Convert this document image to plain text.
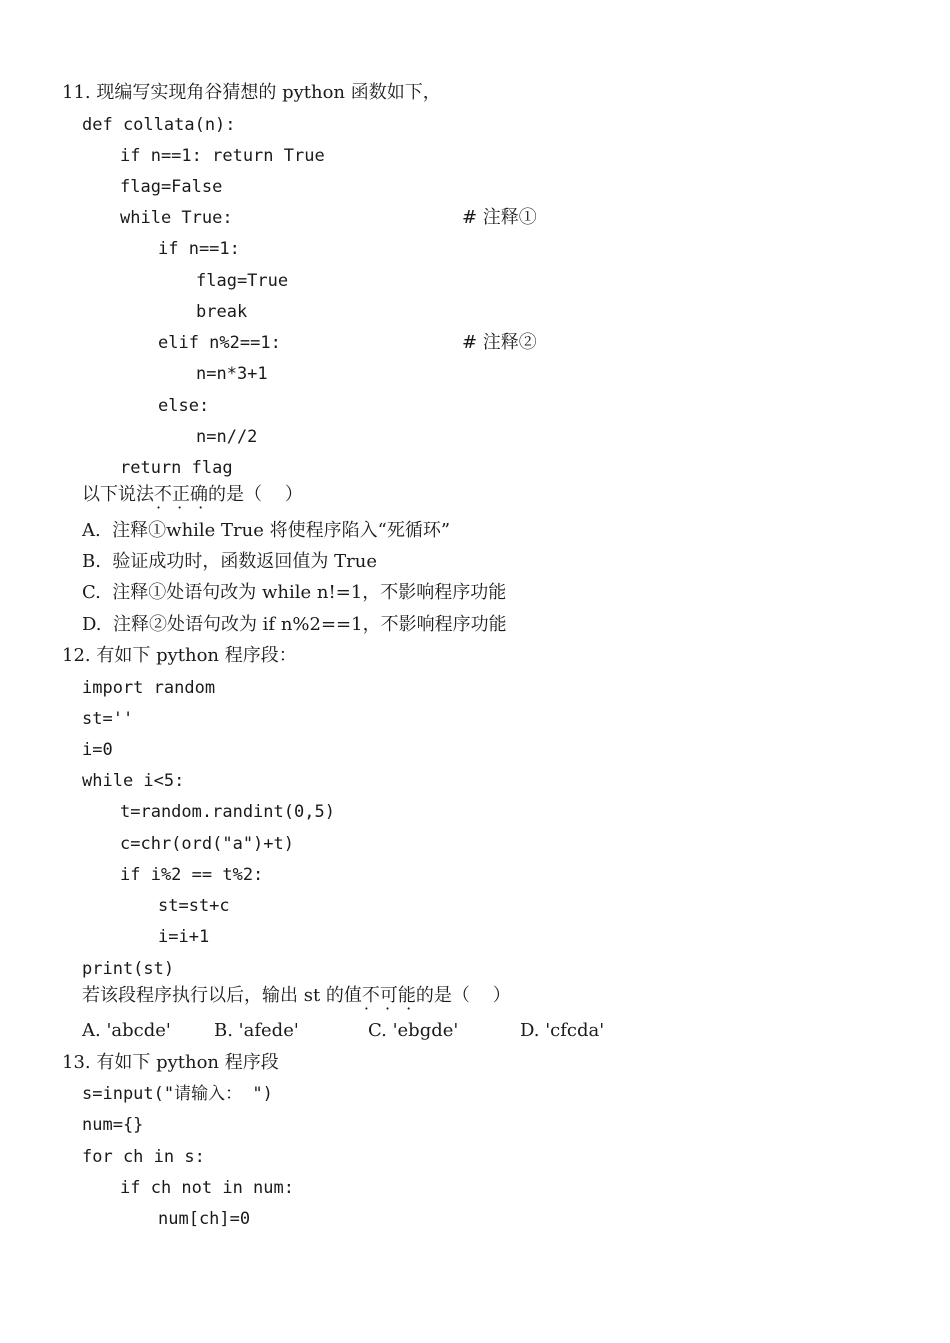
11. 现编写实现角谷猜想的 python 函数如下，
def collata(n):
if n==1: return True
flag=False
while True:	# 注释①
if n==1:
flag=True
break
elif n%2==1:	# 注释②
n=n*3+1
else:
n=n//2
return flag
以下说法不正确 · · ·的是（    ）
A.  注释①while True 将使程序陷入“死循环”
B.  验证成功时，函数返回值为 True
C.  注释①处语句改为 while n!=1，不影响程序功能
D.  注释②处语句改为 if n%2==1，不影响程序功能
12. 有如下 python 程序段：
import random
st=''
i=0
while i<5:
t=random.randint(0,5)
c=chr(ord("a")+t)
if i%2 == t%2:
st=st+c
i=i+1
print(st)
若该段程序执行以后，输出 st 的值不可能 · · ·的是（    ）
A. 'abcde' B. 'afede'	C. 'ebgde'	D. 'cfcda'
13. 有如下 python 程序段
s=input("请输入： ")
num={}
for ch in s:
if ch not in num:
num[ch]=0
